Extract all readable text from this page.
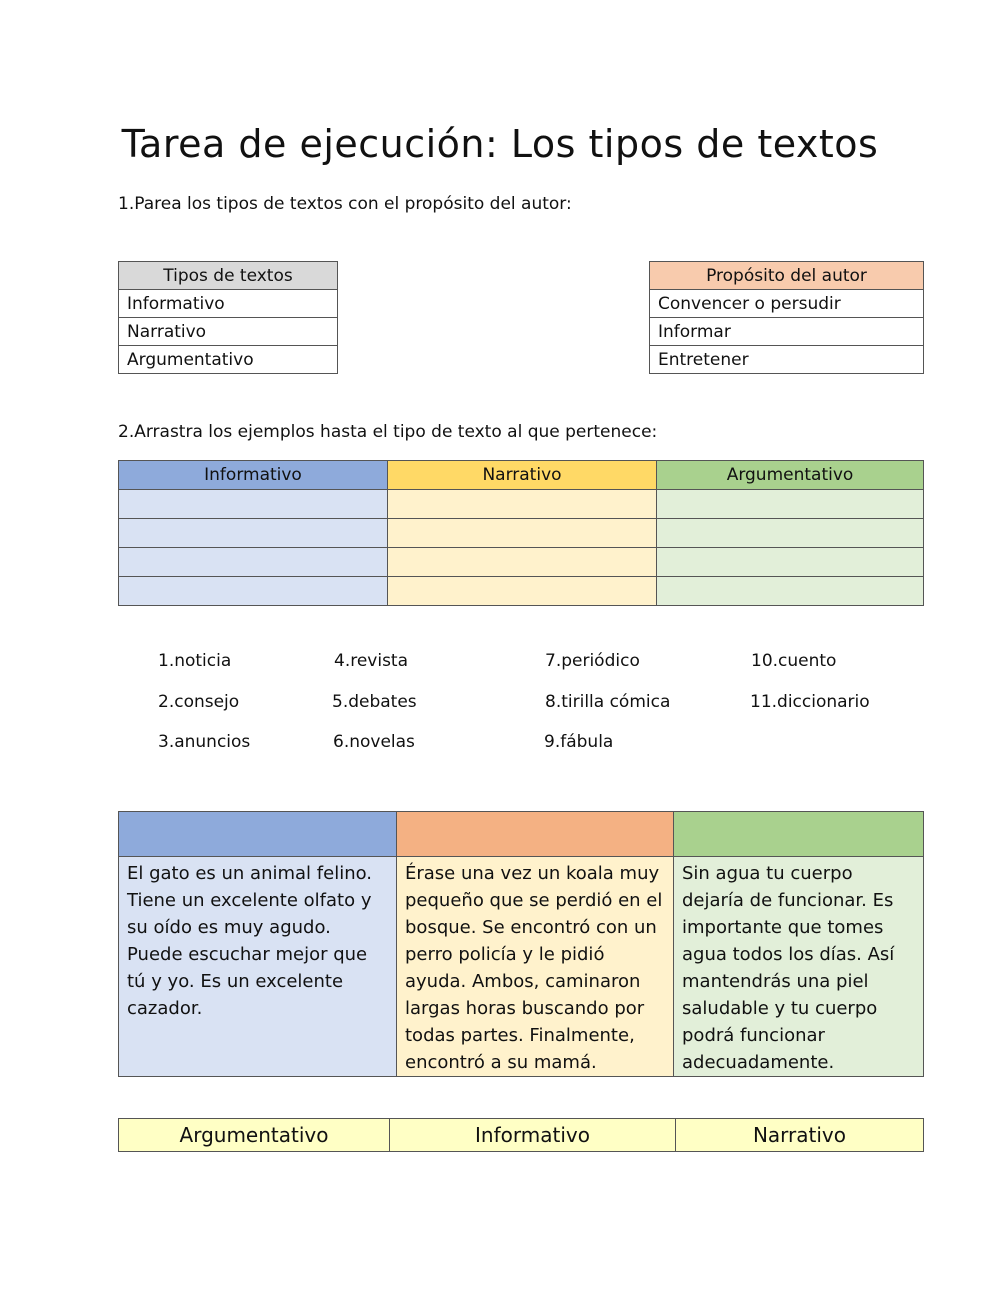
Tarea de ejecución: Los tipos de textos
1.Parea los tipos de textos con el propósito del autor:
Tipos de textos
Informativo
Narrativo
Argumentativo
Propósito del autor
Convencer o persudir
Informar
Entretener
2.Arrastra los ejemplos hasta el tipo de texto al que pertenece:
Informativo	Narrativo	Argumentativo

1.noticia	4.revista	7.periódico	10.cuento
2.consejo	5.debates	8.tirilla cómica	11.diccionario
3.anuncios	6.novelas	9.fábula

El gato es un animal felino. Tiene un excelente olfato y su oído es muy agudo. Puede escuchar mejor que tú y yo. Es un excelente cazador.	Érase una vez un koala muy pequeño que se perdió en el bosque. Se encontró con un perro policía y le pidió ayuda. Ambos, caminaron largas horas buscando por todas partes. Finalmente, encontró a su mamá.	Sin agua tu cuerpo dejaría de funcionar. Es importante que tomes agua todos los días. Así mantendrás una piel saludable y tu cuerpo podrá funcionar adecuadamente.
Argumentativo	Informativo	Narrativo
